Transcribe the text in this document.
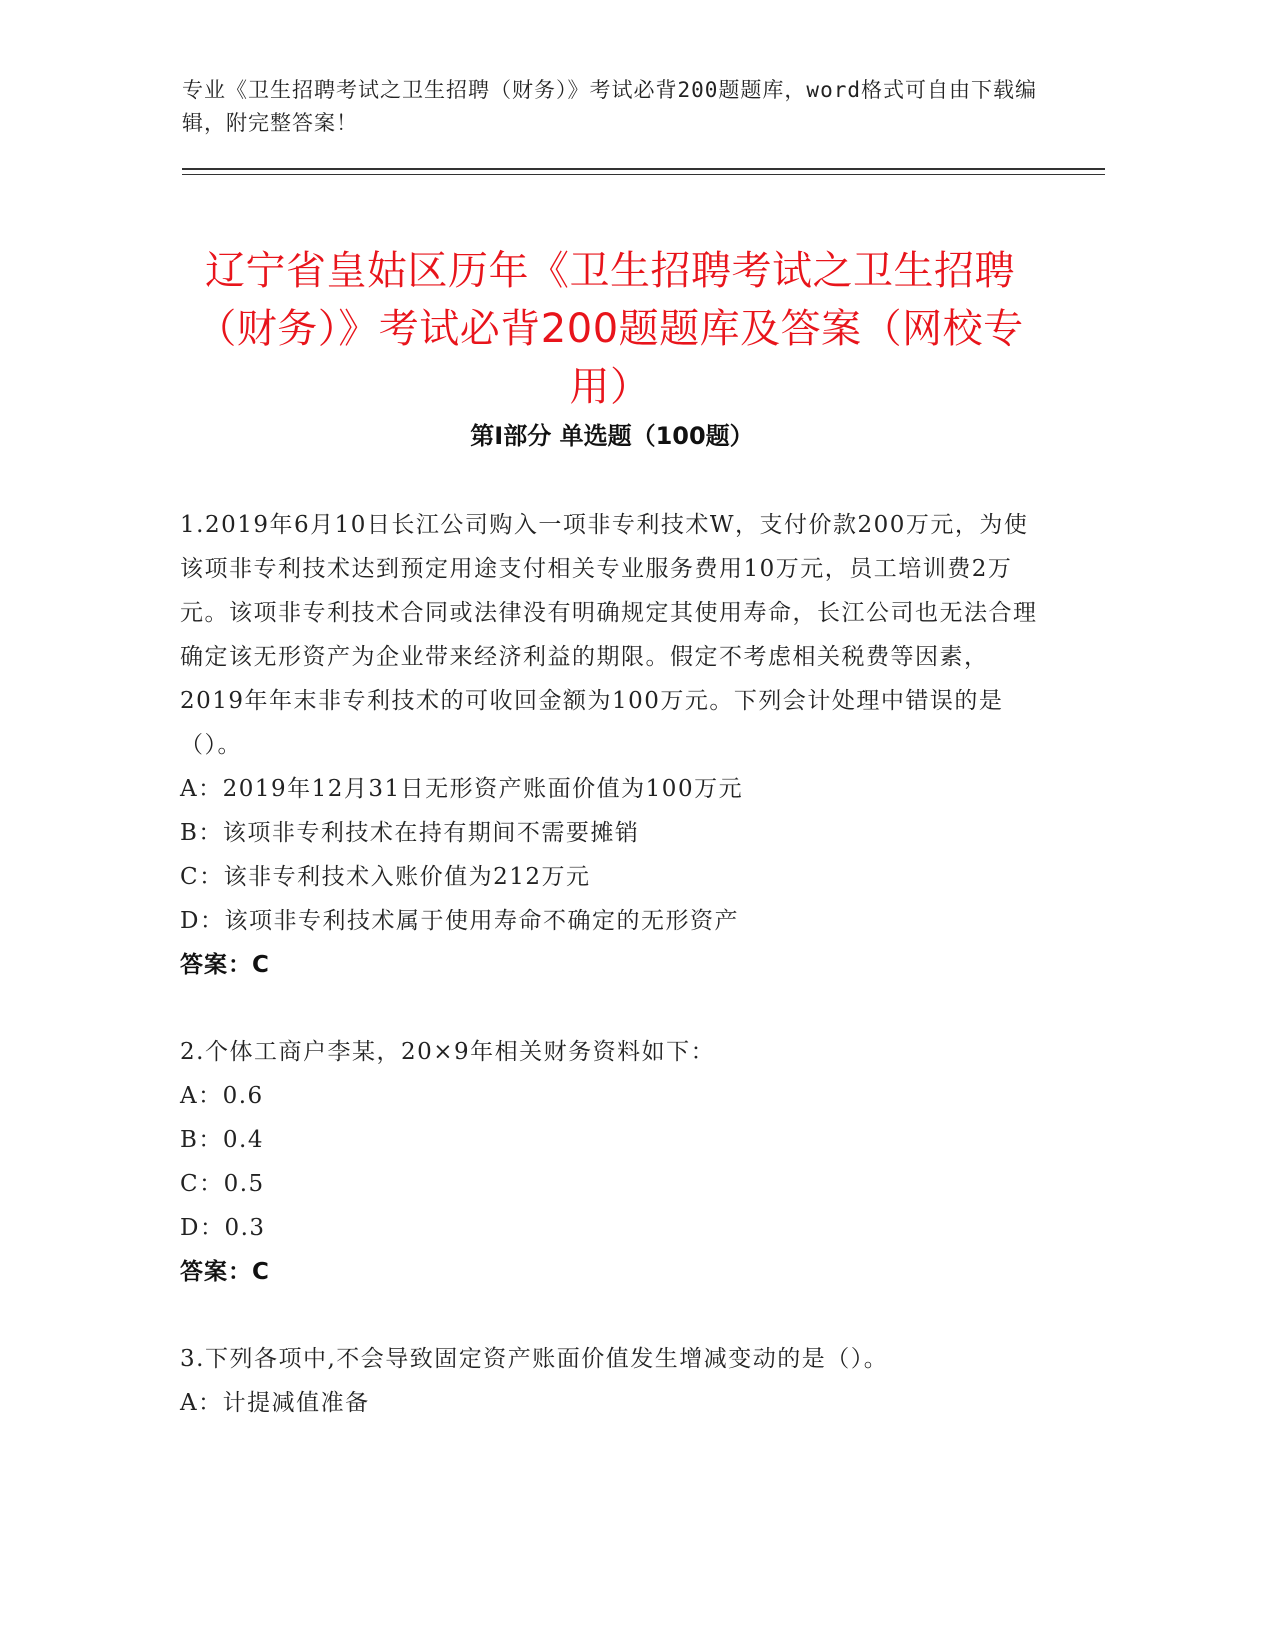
专业《卫生招聘考试之卫生招聘（财务）》考试必背200题题库，word格式可自由下载编辑，附完整答案！
辽宁省皇姑区历年《卫生招聘考试之卫生招聘（财务）》考试必背200题题库及答案（网校专用）
第I部分 单选题（100题）

1.2019年6月10日长江公司购入一项非专利技术W，支付价款200万元，为使该项非专利技术达到预定用途支付相关专业服务费用10万元，员工培训费2万元。该项非专利技术合同或法律没有明确规定其使用寿命，长江公司也无法合理确定该无形资产为企业带来经济利益的期限。假定不考虑相关税费等因素，2019年年末非专利技术的可收回金额为100万元。下列会计处理中错误的是（）。

A：2019年12月31日无形资产账面价值为100万元

B：该项非专利技术在持有期间不需要摊销

C：该非专利技术入账价值为212万元

D：该项非专利技术属于使用寿命不确定的无形资产

答案：C

2.个体工商户李某，20×9年相关财务资料如下：

A：0.6

B：0.4

C：0.5

D：0.3

答案：C

3.下列各项中,不会导致固定资产账面价值发生增减变动的是（）。

A：计提减值准备
